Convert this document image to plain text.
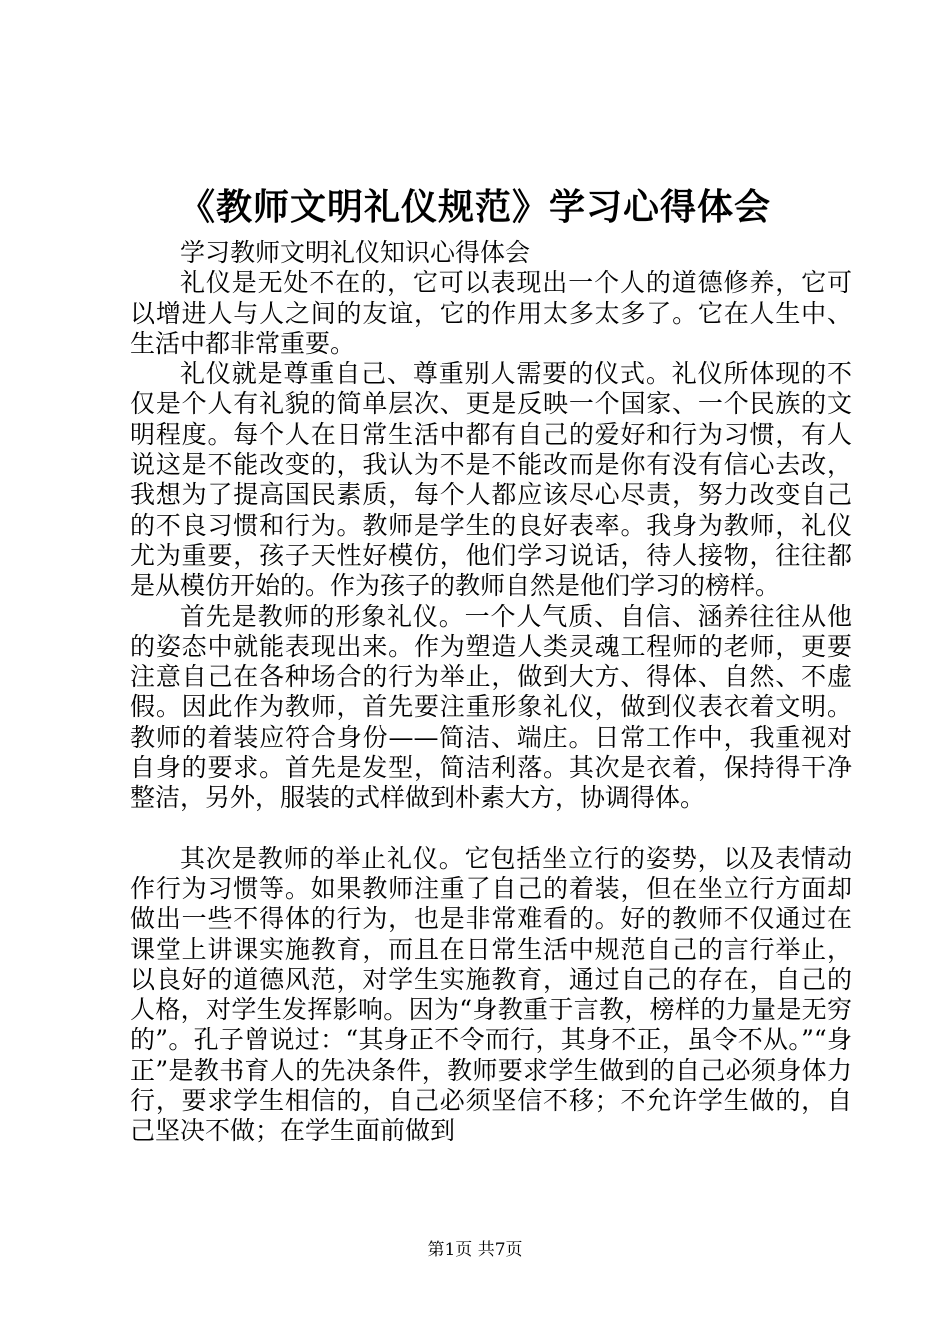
《教师文明礼仪规范》学习心得体会

学习教师文明礼仪知识心得体会

礼仪是无处不在的，它可以表现出一个人的道德修养，它可以增进人与人之间的友谊，它的作用太多太多了。它在人生中、生活中都非常重要。

礼仪就是尊重自己、尊重别人需要的仪式。礼仪所体现的不仅是个人有礼貌的简单层次、更是反映一个国家、一个民族的文明程度。每个人在日常生活中都有自己的爱好和行为习惯，有人说这是不能改变的，我认为不是不能改而是你有没有信心去改，我想为了提高国民素质，每个人都应该尽心尽责，努力改变自己的不良习惯和行为。教师是学生的良好表率。我身为教师，礼仪尤为重要，孩子天性好模仿，他们学习说话，待人接物，往往都是从模仿开始的。作为孩子的教师自然是他们学习的榜样。

首先是教师的形象礼仪。一个人气质、自信、涵养往往从他的姿态中就能表现出来。作为塑造人类灵魂工程师的老师，更要注意自己在各种场合的行为举止，做到大方、得体、自然、不虚假。因此作为教师，首先要注重形象礼仪，做到仪表衣着文明。教师的着装应符合身份——简洁、端庄。日常工作中，我重视对自身的要求。首先是发型，简洁利落。其次是衣着，保持得干净整洁，另外，服装的式样做到朴素大方，协调得体。

其次是教师的举止礼仪。它包括坐立行的姿势，以及表情动作行为习惯等。如果教师注重了自己的着装，但在坐立行方面却做出一些不得体的行为，也是非常难看的。好的教师不仅通过在课堂上讲课实施教育，而且在日常生活中规范自己的言行举止，以良好的道德风范，对学生实施教育，通过自己的存在，自己的人格，对学生发挥影响。因为“身教重于言教，榜样的力量是无穷的”。孔子曾说过：“其身正不令而行，其身不正，虽令不从。”“身正”是教书育人的先决条件，教师要求学生做到的自己必须身体力行，要求学生相信的，自己必须坚信不移；不允许学生做的，自己坚决不做；在学生面前做到

第1页 共7页
